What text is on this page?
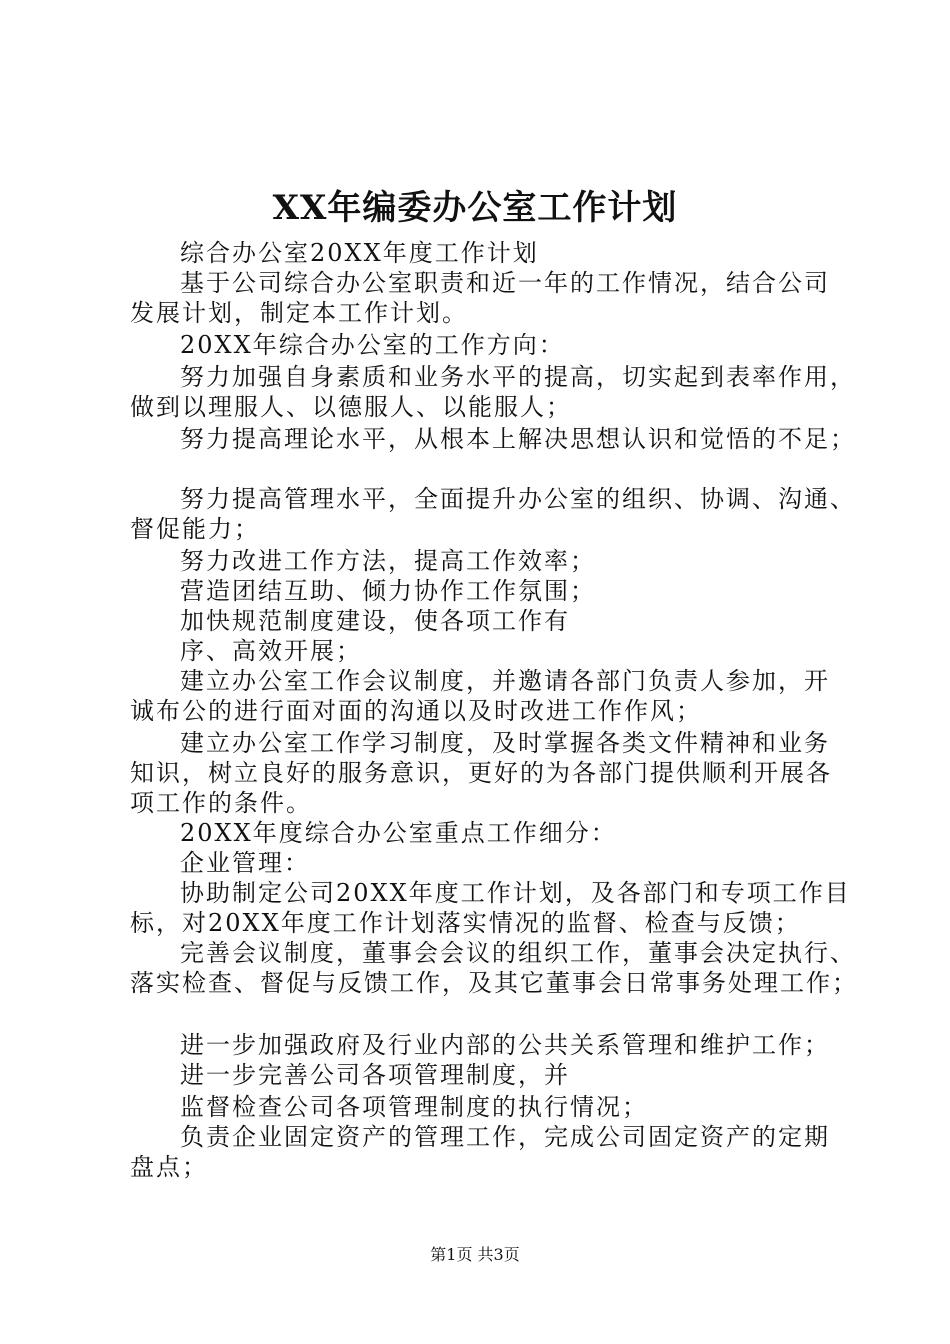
XX年编委办公室工作计划
综合办公室20XX年度工作计划
基于公司综合办公室职责和近一年的工作情况，结合公司
发展计划，制定本工作计划。
20XX年综合办公室的工作方向：
努力加强自身素质和业务水平的提高，切实起到表率作用，
做到以理服人、以德服人、以能服人；
努力提高理论水平，从根本上解决思想认识和觉悟的不足；
努力提高管理水平，全面提升办公室的组织、协调、沟通、
督促能力；
努力改进工作方法，提高工作效率；
营造团结互助、倾力协作工作氛围；
加快规范制度建设，使各项工作有
序、高效开展；
建立办公室工作会议制度，并邀请各部门负责人参加，开
诚布公的进行面对面的沟通以及时改进工作作风；
建立办公室工作学习制度，及时掌握各类文件精神和业务
知识，树立良好的服务意识，更好的为各部门提供顺利开展各
项工作的条件。
20XX年度综合办公室重点工作细分：
企业管理：
协助制定公司20XX年度工作计划，及各部门和专项工作目
标，对20XX年度工作计划落实情况的监督、检查与反馈；
完善会议制度，董事会会议的组织工作，董事会决定执行、
落实检查、督促与反馈工作，及其它董事会日常事务处理工作；
进一步加强政府及行业内部的公共关系管理和维护工作；
进一步完善公司各项管理制度，并
监督检查公司各项管理制度的执行情况；
负责企业固定资产的管理工作，完成公司固定资产的定期
盘点；
第1页 共3页
